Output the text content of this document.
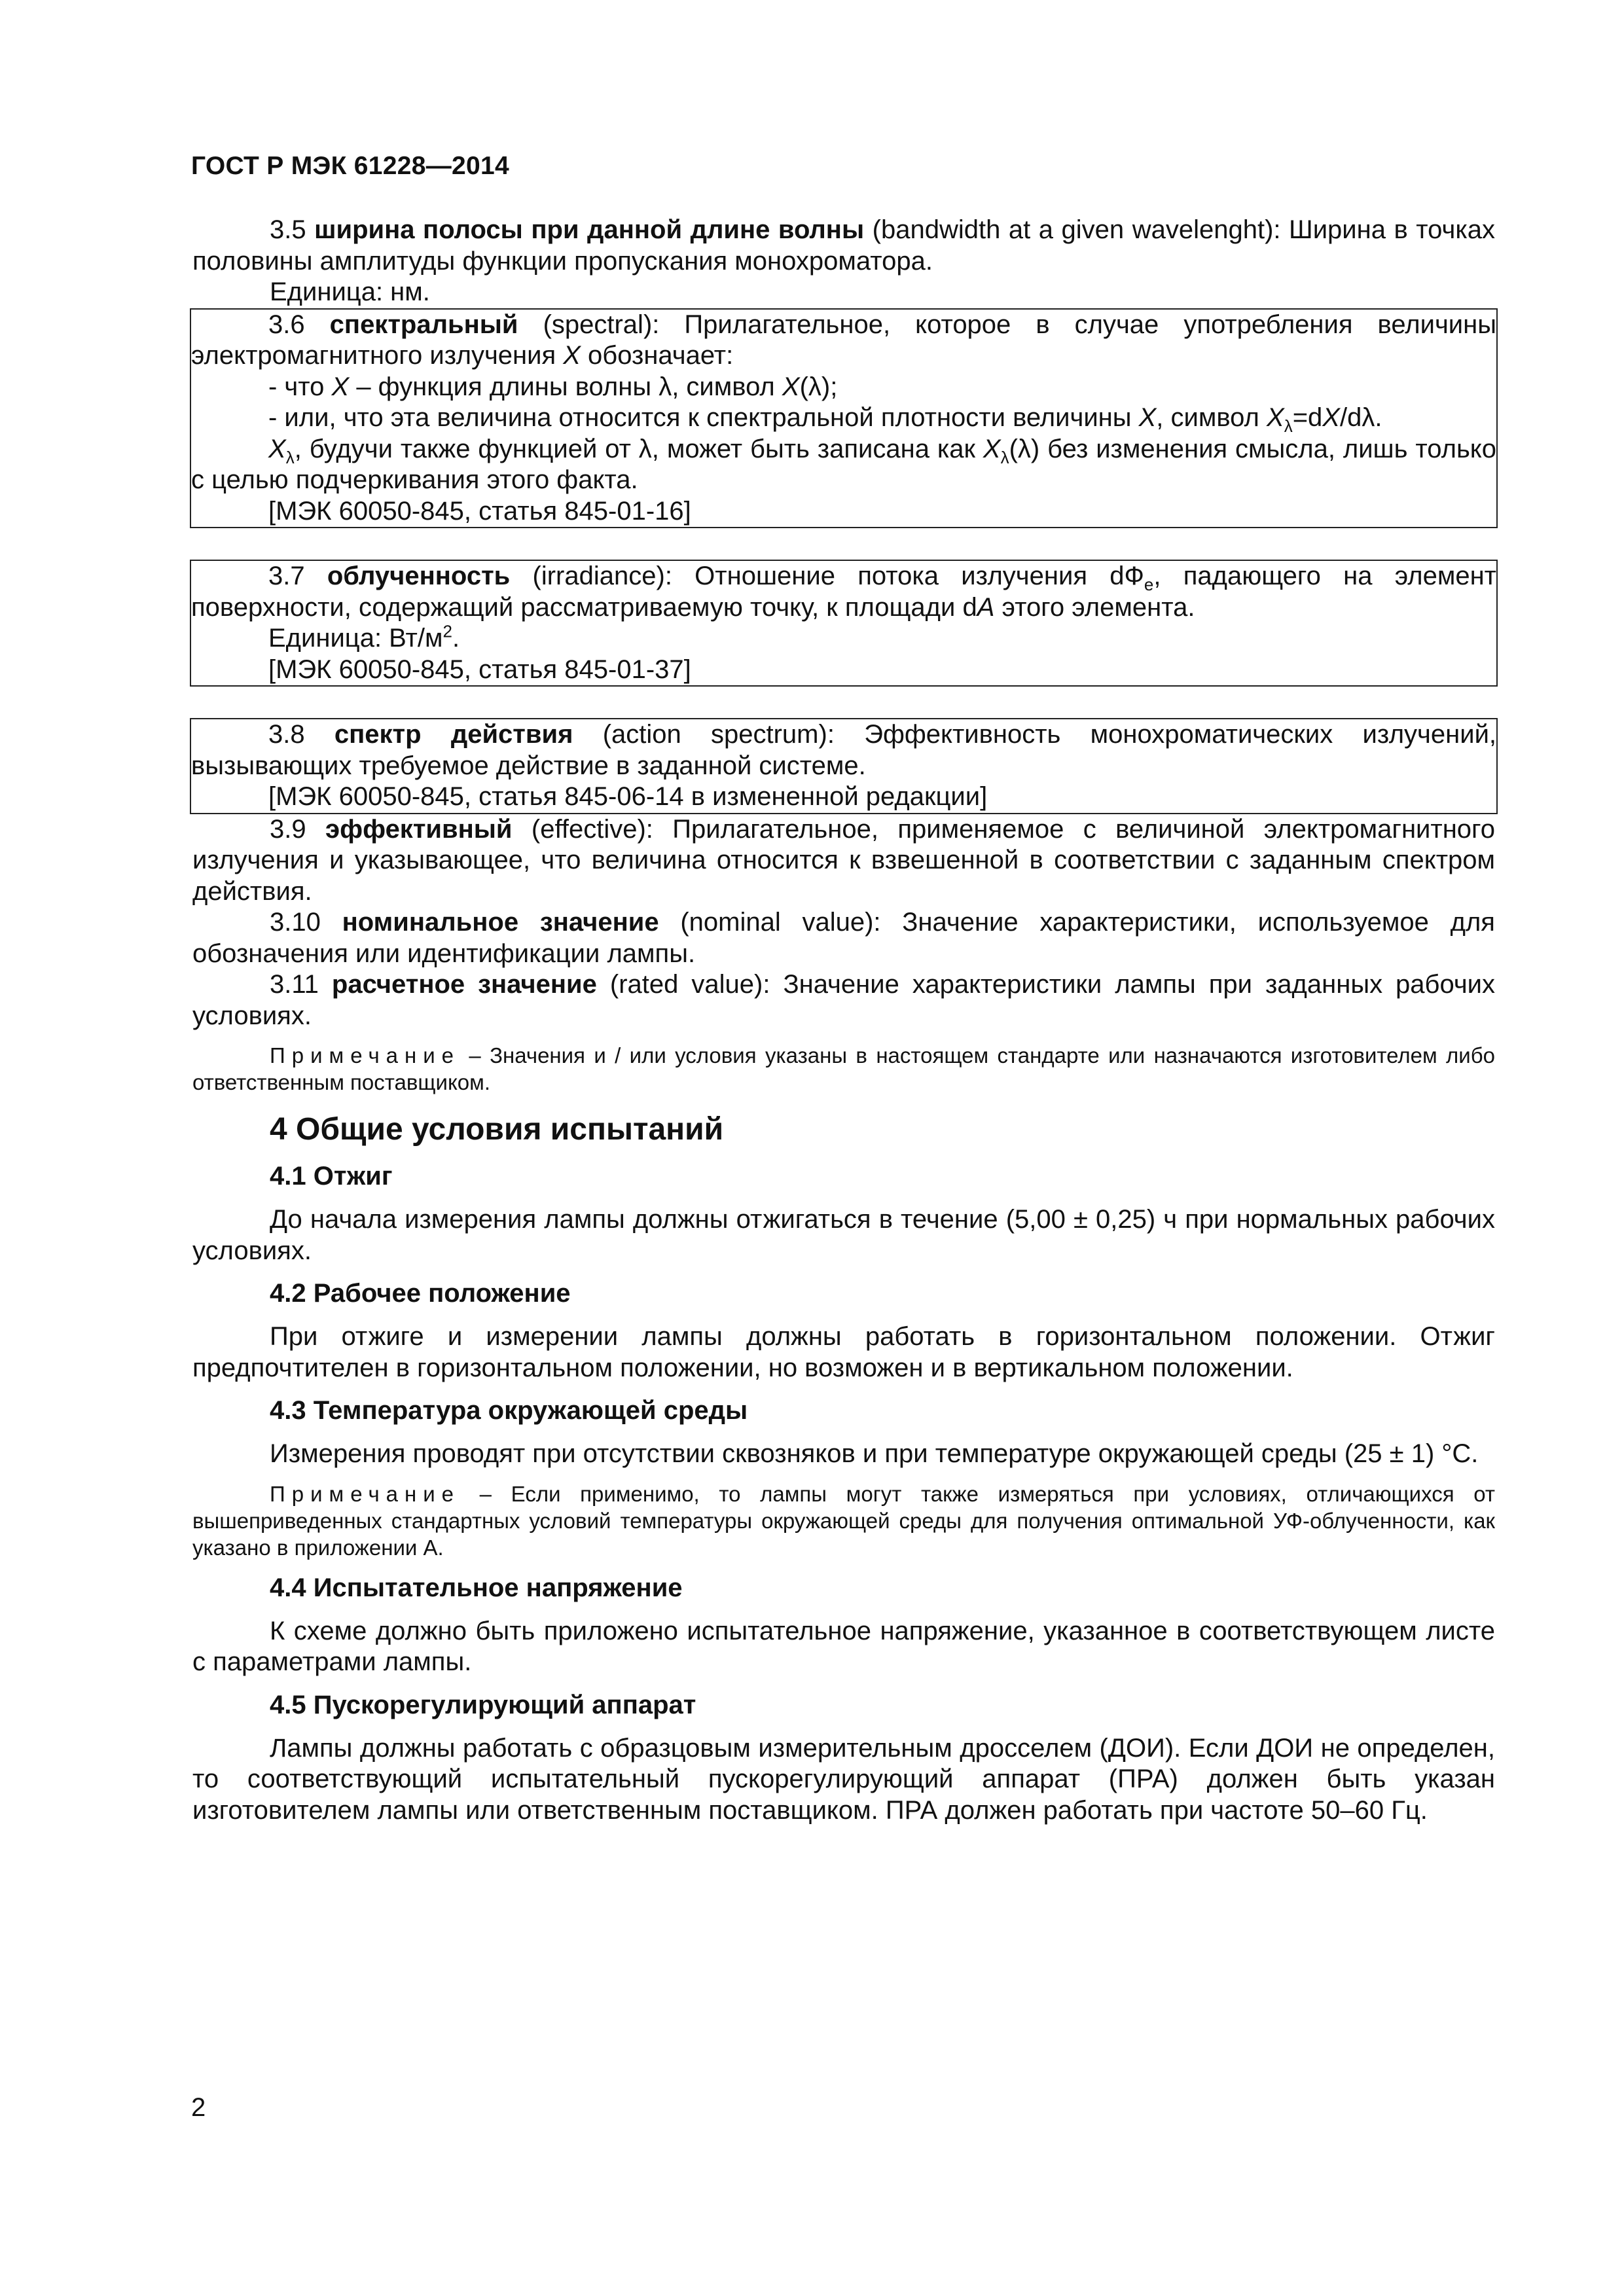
ГОСТ Р МЭК 61228—2014

3.5 ширина полосы при данной длине волны (bandwidth at a given wavelenght): Ширина в точках половины амплитуды функции пропускания монохроматора.

Единица: нм.

3.6 спектральный (spectral): Прилагательное, которое в случае употребления величины электромагнитного излучения X обозначает:

- что X – функция длины волны λ, символ X(λ);

- или, что эта величина относится к спектральной плотности величины X, символ $X_\lambda=dX/d\lambda$.

$X_\lambda$, будучи также функцией от λ, может быть записана как $X_\lambda(\lambda)$ без изменения смысла, лишь только с целью подчеркивания этого факта.

[МЭК 60050-845, статья 845-01-16]

3.7 облученность (irradiance): Отношение потока излучения $dФ_e$, падающего на элемент поверхности, содержащий рассматриваемую точку, к площади dA этого элемента.

Единица: $Вт/м^2$.

[МЭК 60050-845, статья 845-01-37]

3.8 спектр действия (action spectrum): Эффективность монохроматических излучений, вызывающих требуемое действие в заданной системе.

[МЭК 60050-845, статья 845-06-14 в измененной редакции]

3.9 эффективный (effective): Прилагательное, применяемое с величиной электромагнитного излучения и указывающее, что величина относится к взвешенной в соответствии с заданным спектром действия.

3.10 номинальное значение (nominal value): Значение характеристики, используемое для обозначения или идентификации лампы.

3.11 расчетное значение (rated value): Значение характеристики лампы при заданных рабочих условиях.

Примечание – Значения и / или условия указаны в настоящем стандарте или назначаются изготовителем либо ответственным поставщиком.

4 Общие условия испытаний
4.1 Отжиг

До начала измерения лампы должны отжигаться в течение (5,00 ± 0,25) ч при нормальных рабочих условиях.

4.2 Рабочее положение

При отжиге и измерении лампы должны работать в горизонтальном положении. Отжиг предпочтителен в горизонтальном положении, но возможен и в вертикальном положении.

4.3 Температура окружающей среды

Измерения проводят при отсутствии сквозняков и при температуре окружающей среды (25 ± 1) °С.

Примечание – Если применимо, то лампы могут также измеряться при условиях, отличающихся от вышеприведенных стандартных условий температуры окружающей среды для получения оптимальной УФ-облученности, как указано в приложении А.

4.4 Испытательное напряжение

К схеме должно быть приложено испытательное напряжение, указанное в соответствующем листе с параметрами лампы.

4.5 Пускорегулирующий аппарат

Лампы должны работать с образцовым измерительным дросселем (ДОИ). Если ДОИ не определен, то соответствующий испытательный пускорегулирующий аппарат (ПРА) должен быть указан изготовителем лампы или ответственным поставщиком. ПРА должен работать при частоте 50–60 Гц.

2
